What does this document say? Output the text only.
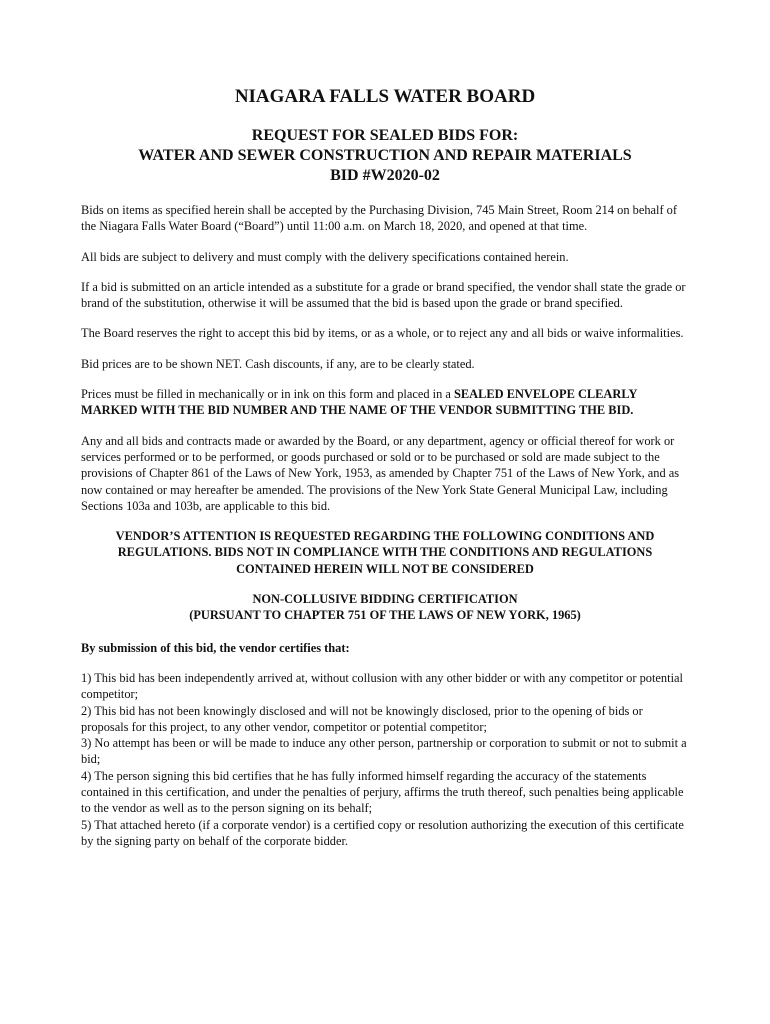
NIAGARA FALLS WATER BOARD
REQUEST FOR SEALED BIDS FOR:
WATER AND SEWER CONSTRUCTION AND REPAIR MATERIALS
BID #W2020-02

Bids on items as specified herein shall be accepted by the Purchasing Division, 745 Main Street, Room 214 on behalf of the Niagara Falls Water Board (“Board”) until 11:00 a.m. on March 18, 2020, and opened at that time.

All bids are subject to delivery and must comply with the delivery specifications contained herein.

If a bid is submitted on an article intended as a substitute for a grade or brand specified, the vendor shall state the grade or brand of the substitution, otherwise it will be assumed that the bid is based upon the grade or brand specified.

The Board reserves the right to accept this bid by items, or as a whole, or to reject any and all bids or waive informalities.

Bid prices are to be shown NET. Cash discounts, if any, are to be clearly stated.

Prices must be filled in mechanically or in ink on this form and placed in a SEALED ENVELOPE CLEARLY MARKED WITH THE BID NUMBER AND THE NAME OF THE VENDOR SUBMITTING THE BID.

Any and all bids and contracts made or awarded by the Board, or any department, agency or official thereof for work or services performed or to be performed, or goods purchased or sold or to be purchased or sold are made subject to the provisions of Chapter 861 of the Laws of New York, 1953, as amended by Chapter 751 of the Laws of New York, and as now contained or may hereafter be amended. The provisions of the New York State General Municipal Law, including Sections 103a and 103b, are applicable to this bid.

VENDOR’S ATTENTION IS REQUESTED REGARDING THE FOLLOWING CONDITIONS AND REGULATIONS. BIDS NOT IN COMPLIANCE WITH THE CONDITIONS AND REGULATIONS CONTAINED HEREIN WILL NOT BE CONSIDERED

NON-COLLUSIVE BIDDING CERTIFICATION
(PURSUANT TO CHAPTER 751 OF THE LAWS OF NEW YORK, 1965)

By submission of this bid, the vendor certifies that:

1) This bid has been independently arrived at, without collusion with any other bidder or with any competitor or potential competitor;
2) This bid has not been knowingly disclosed and will not be knowingly disclosed, prior to the opening of bids or proposals for this project, to any other vendor, competitor or potential competitor;
3) No attempt has been or will be made to induce any other person, partnership or corporation to submit or not to submit a bid;
4) The person signing this bid certifies that he has fully informed himself regarding the accuracy of the statements contained in this certification, and under the penalties of perjury, affirms the truth thereof, such penalties being applicable to the vendor as well as to the person signing on its behalf;
5) That attached hereto (if a corporate vendor) is a certified copy or resolution authorizing the execution of this certificate by the signing party on behalf of the corporate bidder.
